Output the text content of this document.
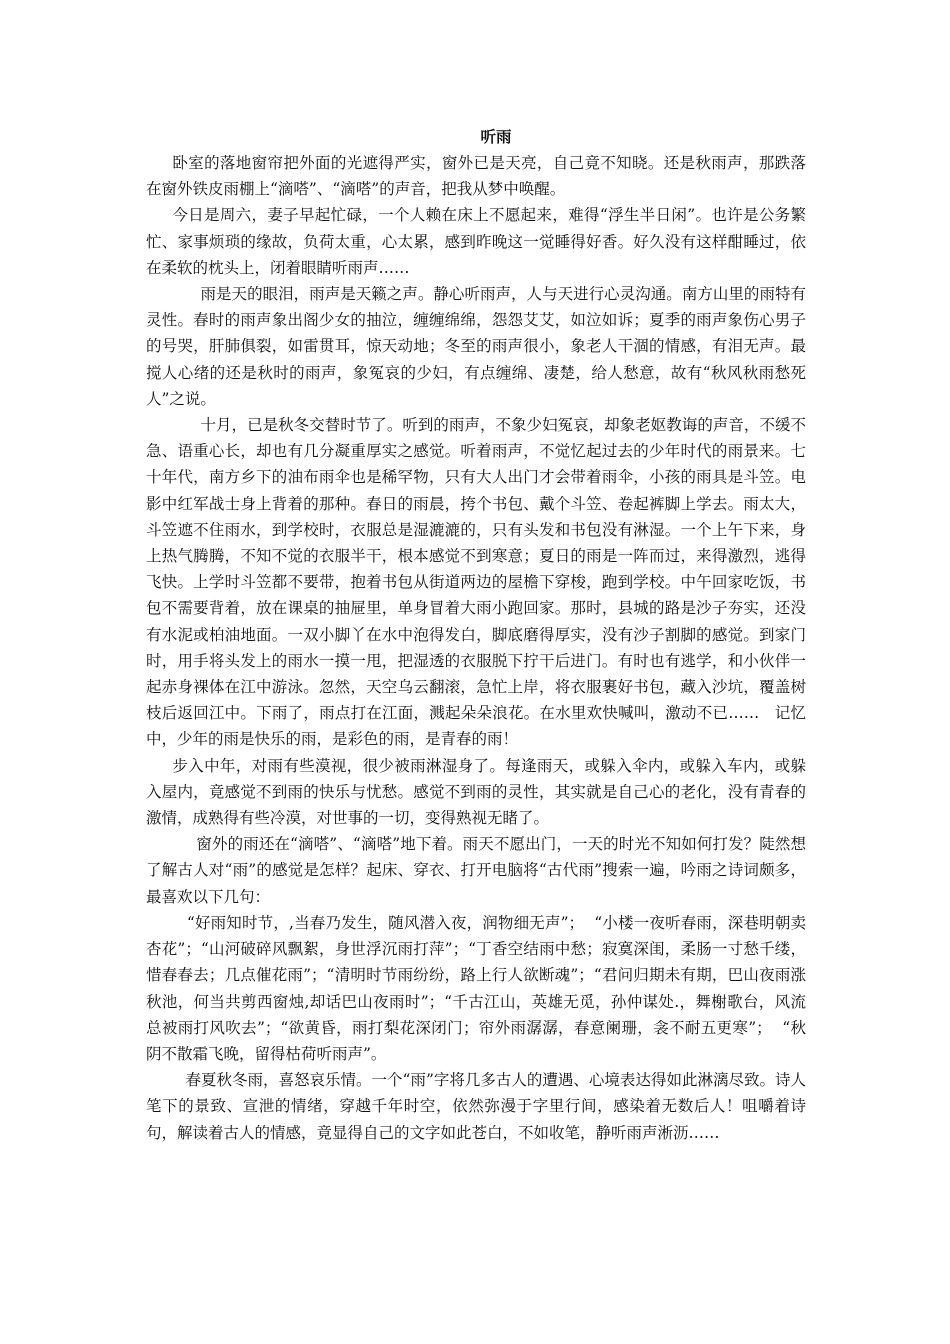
听雨

卧室的落地窗帘把外面的光遮得严实，窗外已是天亮，自己竟不知晓。还是秋雨声，那跌落在窗外铁皮雨棚上“滴嗒”、“滴嗒”的声音，把我从梦中唤醒。

今日是周六，妻子早起忙碌，一个人赖在床上不愿起来，难得“浮生半日闲”。也许是公务繁忙、家事烦琐的缘故，负荷太重，心太累，感到昨晚这一觉睡得好香。好久没有这样酣睡过，依在柔软的枕头上，闭着眼睛听雨声……

雨是天的眼泪，雨声是天籁之声。静心听雨声，人与天进行心灵沟通。南方山里的雨特有灵性。春时的雨声象出阁少女的抽泣，缠缠绵绵，怨怨艾艾，如泣如诉；夏季的雨声象伤心男子的号哭，肝肺俱裂，如雷贯耳，惊天动地；冬至的雨声很小，象老人干涸的情感，有泪无声。最搅人心绪的还是秋时的雨声，象冤哀的少妇，有点缠绵、凄楚，给人愁意，故有“秋风秋雨愁死人”之说。

十月，已是秋冬交替时节了。听到的雨声，不象少妇冤哀，却象老妪教诲的声音，不缓不急、语重心长，却也有几分凝重厚实之感觉。听着雨声，不觉忆起过去的少年时代的雨景来。七十年代，南方乡下的油布雨伞也是稀罕物，只有大人出门才会带着雨伞，小孩的雨具是斗笠。电影中红军战士身上背着的那种。春日的雨晨，挎个书包、戴个斗笠、卷起裤脚上学去。雨太大，斗笠遮不住雨水，到学校时，衣服总是湿漉漉的，只有头发和书包没有淋湿。一个上午下来，身上热气腾腾，不知不觉的衣服半干，根本感觉不到寒意；夏日的雨是一阵而过，来得激烈，逃得飞快。上学时斗笠都不要带，抱着书包从街道两边的屋檐下穿梭，跑到学校。中午回家吃饭，书包不需要背着，放在课桌的抽屉里，单身冒着大雨小跑回家。那时，县城的路是沙子夯实，还没有水泥或柏油地面。一双小脚丫在水中泡得发白，脚底磨得厚实，没有沙子割脚的感觉。到家门时，用手将头发上的雨水一摸一甩，把湿透的衣服脱下拧干后进门。有时也有逃学，和小伙伴一起赤身裸体在江中游泳。忽然，天空乌云翻滚，急忙上岸，将衣服裹好书包，藏入沙坑，覆盖树枝后返回江中。下雨了，雨点打在江面，溅起朵朵浪花。在水里欢快喊叫，激动不已……   记忆中，少年的雨是快乐的雨，是彩色的雨，是青春的雨！

步入中年，对雨有些漠视，很少被雨淋湿身了。每逢雨天，或躲入伞内，或躲入车内，或躲入屋内，竟感觉不到雨的快乐与忧愁。感觉不到雨的灵性，其实就是自己心的老化，没有青春的激情，成熟得有些冷漠，对世事的一切，变得熟视无睹了。

窗外的雨还在“滴嗒”、“滴嗒”地下着。雨天不愿出门，一天的时光不知如何打发？陡然想了解古人对“雨”的感觉是怎样？起床、穿衣、打开电脑将“古代雨”搜索一遍，吟雨之诗词颇多，最喜欢以下几句：

“好雨知时节，,当春乃发生，随风潜入夜，润物细无声”；  “小楼一夜听春雨，深巷明朝卖杏花”；“山河破碎风飘絮，身世浮沉雨打萍”；“丁香空结雨中愁；寂寞深闺，柔肠一寸愁千缕，惜春春去；几点催花雨”；“清明时节雨纷纷，路上行人欲断魂”；“君问归期未有期，巴山夜雨涨秋池，何当共剪西窗烛,却话巴山夜雨时”；“千古江山，英雄无觅，孙仲谋处.，舞榭歌台，风流总被雨打风吹去”；“欲黄昏，雨打梨花深闭门；帘外雨潺潺，春意阑珊，衾不耐五更寒”；  “秋阴不散霜飞晚，留得枯荷听雨声”。

春夏秋冬雨，喜怒哀乐情。一个“雨”字将几多古人的遭遇、心境表达得如此淋漓尽致。诗人笔下的景致、宣泄的情绪，穿越千年时空，依然弥漫于字里行间，感染着无数后人！咀嚼着诗句，解读着古人的情感，竟显得自己的文字如此苍白，不如收笔，静听雨声淅沥……
